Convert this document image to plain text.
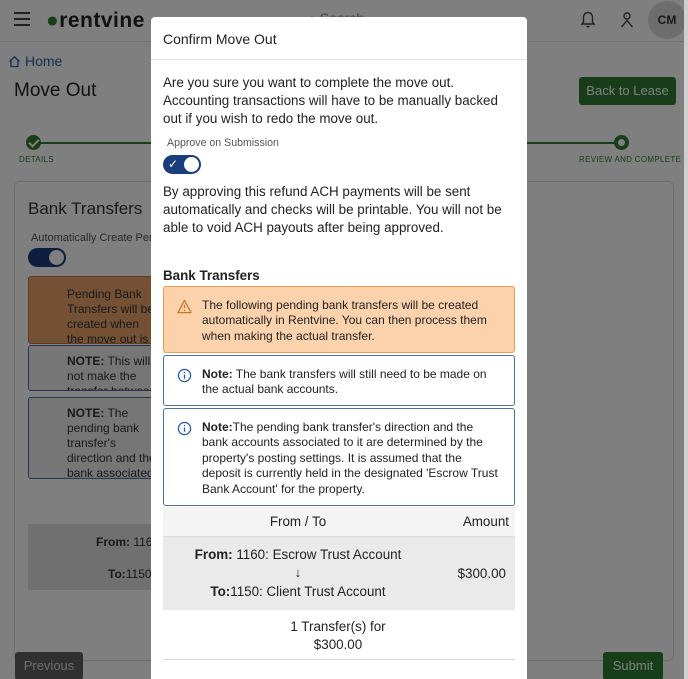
Confirm Move Out

Are you sure you want to complete the move out. Accounting transactions will have to be manually backed out if you wish to redo the move out.

Approve on Submission
✓

By approving this refund ACH payments will be sent automatically and checks will be printable. You will not be able to void ACH payouts after being approved.

Bank Transfers
The following pending bank transfers will be created automatically in Rentvine. You can then process them when making the actual transfer.
Note: The bank transfers will still need to be made on the actual bank accounts.
Note:The pending bank transfer's direction and the bank accounts associated to it are determined by the property's posting settings. It is assumed that the deposit is currently held in the designated 'Escrow Trust Bank Account' for the property.
From / To	Amount
From: 1160: Escrow Trust Account
↓
To:1150: Client Trust Account
$300.00
1 Transfer(s) for
$300.00
